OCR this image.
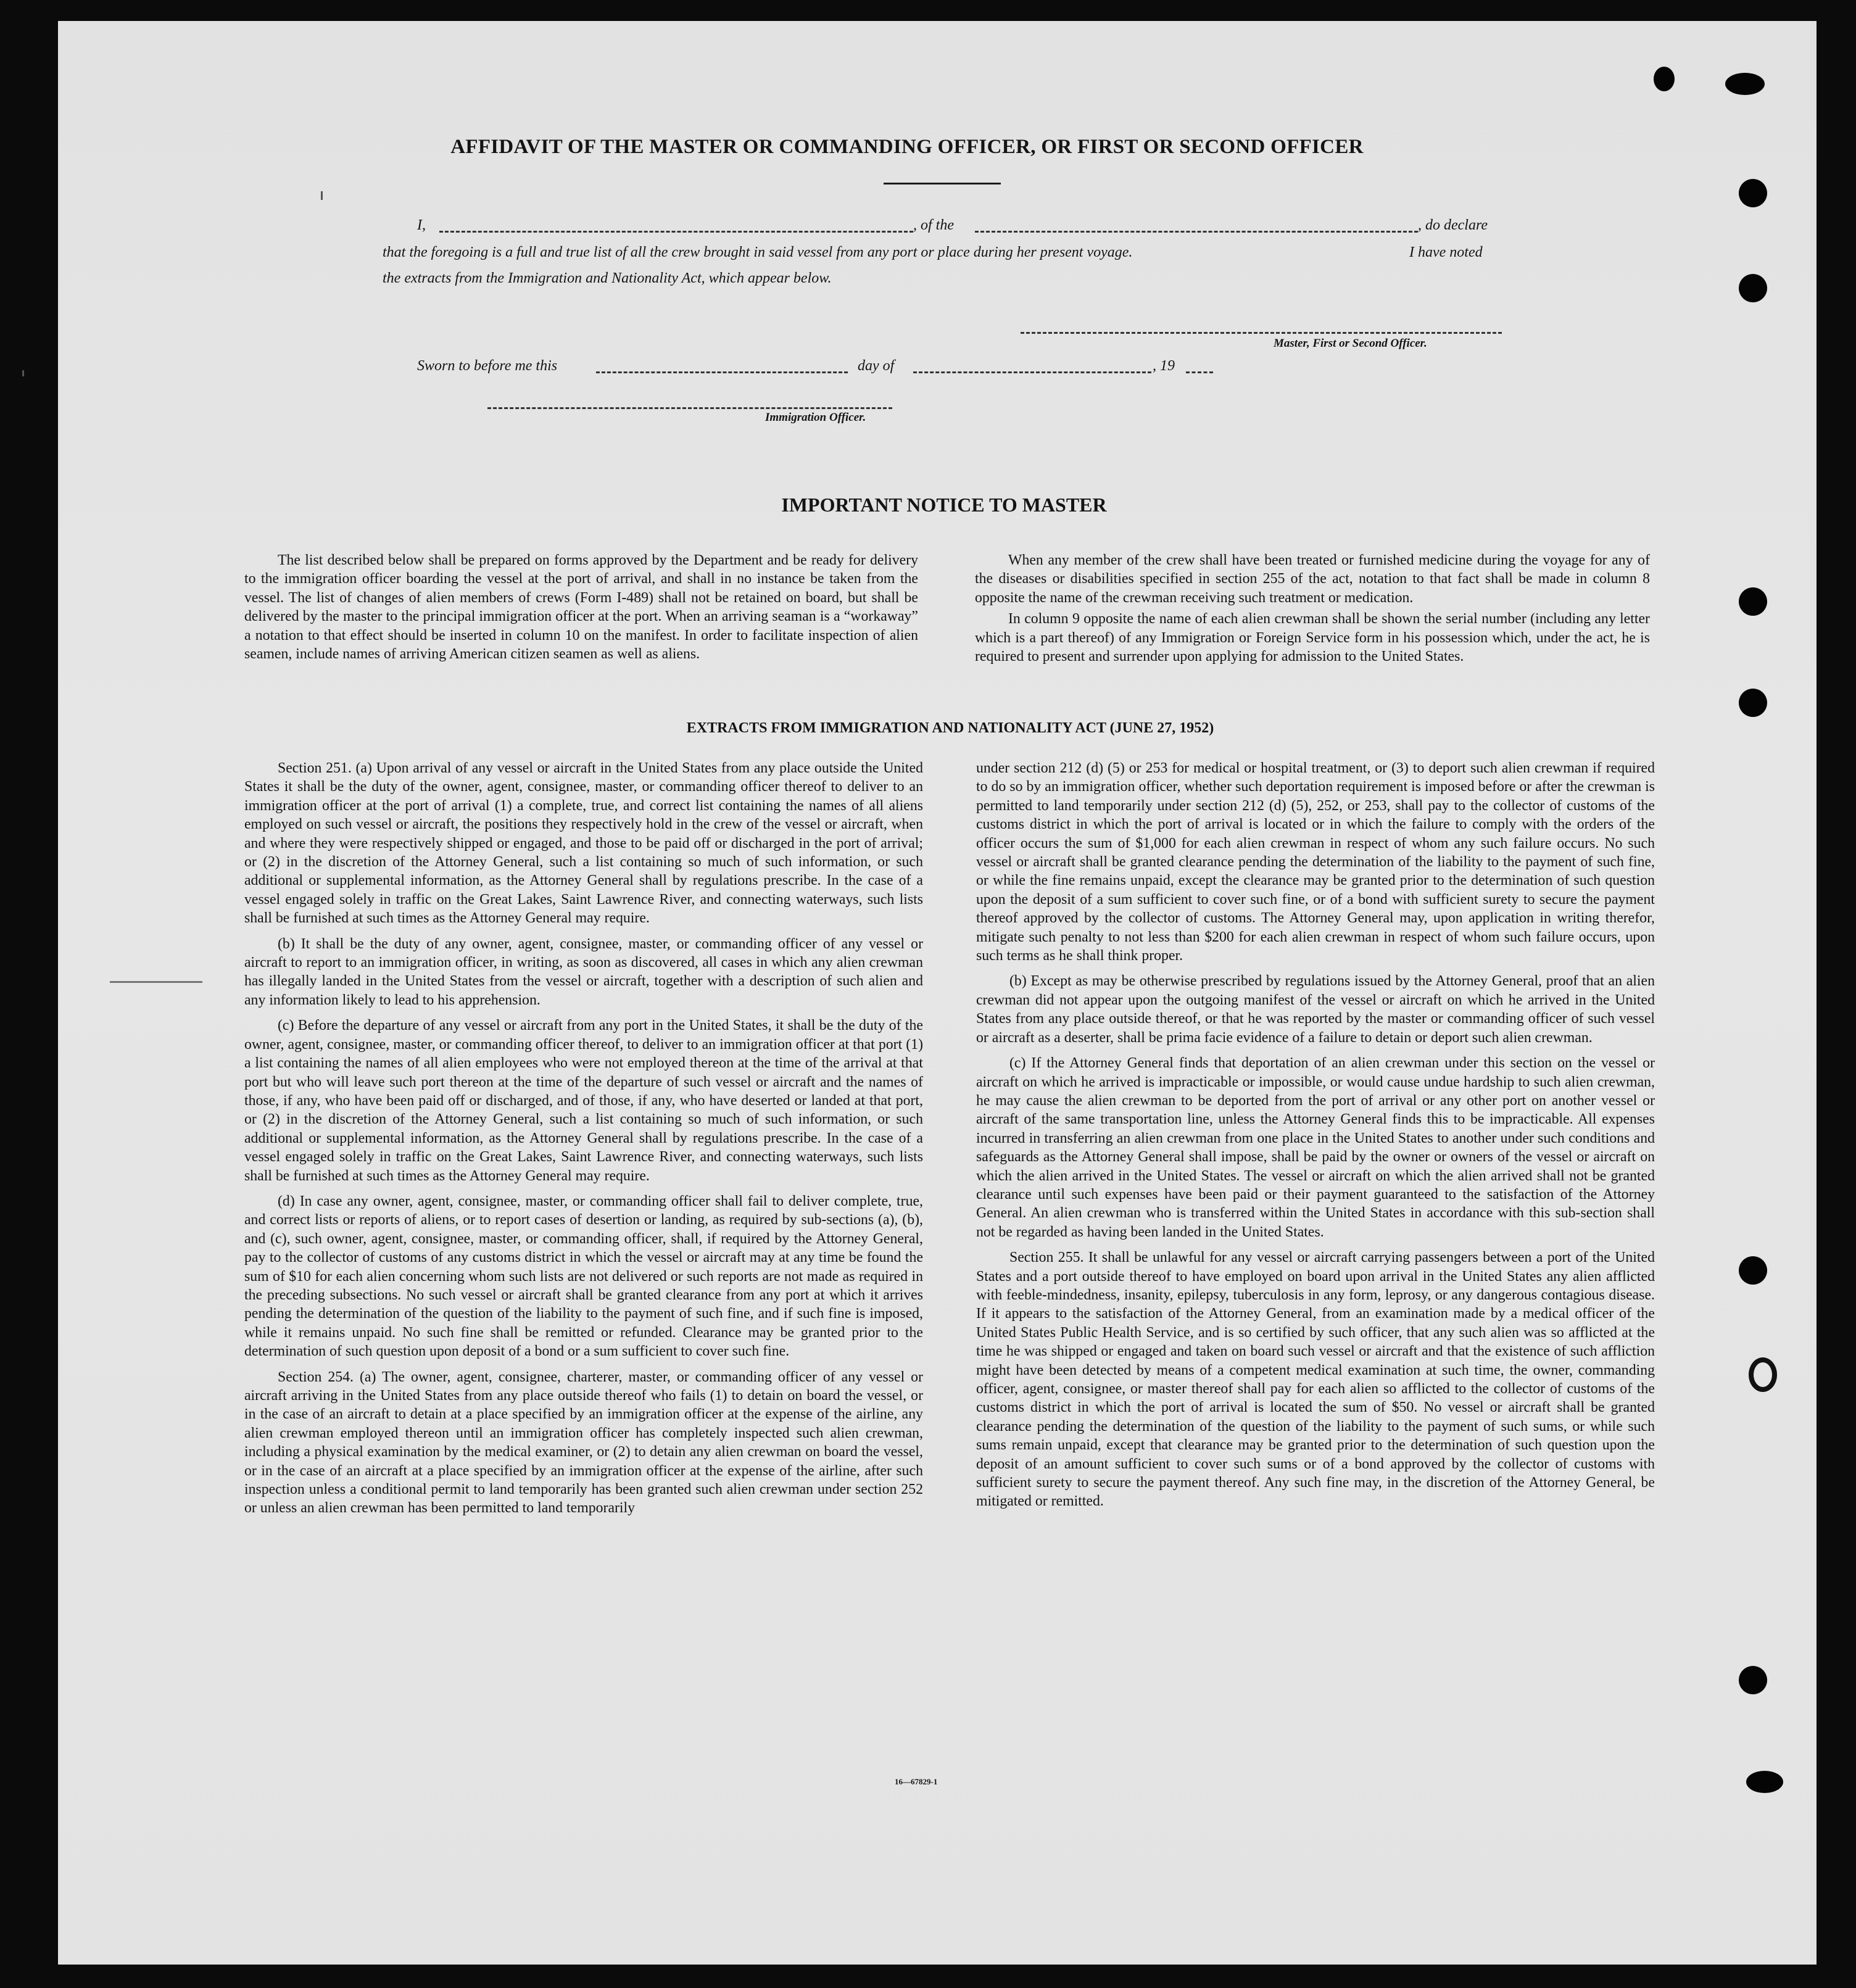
AFFIDAVIT OF THE MASTER OR COMMANDING OFFICER, OR FIRST OR SECOND OFFICER
I,	, of the	, do declare
that the foregoing is a full and true list of all the crew brought in said vessel from any port or place during her present voyage.	I have noted
the extracts from the Immigration and Nationality Act, which appear below.
Master, First or Second Officer.
Sworn to before me this	day of	, 19
Immigration Officer.
IMPORTANT NOTICE TO MASTER

The list described below shall be prepared on forms approved by the Department and be ready for delivery to the immigration officer boarding the vessel at the port of arrival, and shall in no instance be taken from the vessel. The list of changes of alien members of crews (Form I-489) shall not be retained on board, but shall be delivered by the master to the principal immigration officer at the port. When an arriving seaman is a “workaway” a notation to that effect should be inserted in column 10 on the manifest. In order to facilitate inspection of alien seamen, include names of arriving American citizen seamen as well as aliens.

When any member of the crew shall have been treated or furnished medicine during the voyage for any of the diseases or disabilities specified in section 255 of the act, notation to that fact shall be made in column 8 opposite the name of the crewman receiving such treatment or medication.

In column 9 opposite the name of each alien crewman shall be shown the serial number (including any letter which is a part thereof) of any Immigration or Foreign Service form in his possession which, under the act, he is required to present and surrender upon applying for admission to the United States.

EXTRACTS FROM IMMIGRATION AND NATIONALITY ACT (JUNE 27, 1952)

Section 251. (a) Upon arrival of any vessel or aircraft in the United States from any place outside the United States it shall be the duty of the owner, agent, consignee, master, or commanding officer thereof to deliver to an immigration officer at the port of arrival (1) a complete, true, and correct list containing the names of all aliens employed on such vessel or aircraft, the positions they respectively hold in the crew of the vessel or aircraft, when and where they were respectively shipped or engaged, and those to be paid off or discharged in the port of arrival; or (2) in the discretion of the Attorney General, such a list containing so much of such information, or such additional or supplemental information, as the Attorney General shall by regulations prescribe. In the case of a vessel engaged solely in traffic on the Great Lakes, Saint Lawrence River, and connecting waterways, such lists shall be furnished at such times as the Attorney General may require.

(b) It shall be the duty of any owner, agent, consignee, master, or commanding officer of any vessel or aircraft to report to an immigration officer, in writing, as soon as discovered, all cases in which any alien crewman has illegally landed in the United States from the vessel or aircraft, together with a description of such alien and any information likely to lead to his apprehension.

(c) Before the departure of any vessel or aircraft from any port in the United States, it shall be the duty of the owner, agent, consignee, master, or commanding officer thereof, to deliver to an immigration officer at that port (1) a list containing the names of all alien employees who were not employed thereon at the time of the arrival at that port but who will leave such port thereon at the time of the departure of such vessel or aircraft and the names of those, if any, who have been paid off or discharged, and of those, if any, who have deserted or landed at that port, or (2) in the discretion of the Attorney General, such a list containing so much of such information, or such additional or supplemental information, as the Attorney General shall by regulations prescribe. In the case of a vessel engaged solely in traffic on the Great Lakes, Saint Lawrence River, and connecting waterways, such lists shall be furnished at such times as the Attorney General may require.

(d) In case any owner, agent, consignee, master, or commanding officer shall fail to deliver complete, true, and correct lists or reports of aliens, or to report cases of desertion or landing, as required by sub-sections (a), (b), and (c), such owner, agent, consignee, master, or commanding officer, shall, if required by the Attorney General, pay to the collector of customs of any customs district in which the vessel or aircraft may at any time be found the sum of $10 for each alien concerning whom such lists are not delivered or such reports are not made as required in the preceding subsections. No such vessel or aircraft shall be granted clearance from any port at which it arrives pending the determination of the question of the liability to the payment of such fine, and if such fine is imposed, while it remains unpaid. No such fine shall be remitted or refunded. Clearance may be granted prior to the determination of such question upon deposit of a bond or a sum sufficient to cover such fine.

Section 254. (a) The owner, agent, consignee, charterer, master, or commanding officer of any vessel or aircraft arriving in the United States from any place outside thereof who fails (1) to detain on board the vessel, or in the case of an aircraft to detain at a place specified by an immigration officer at the expense of the airline, any alien crewman employed thereon until an immigration officer has completely inspected such alien crewman, including a physical examination by the medical examiner, or (2) to detain any alien crewman on board the vessel, or in the case of an aircraft at a place specified by an immigration officer at the expense of the airline, after such inspection unless a conditional permit to land temporarily has been granted such alien crewman under section 252 or unless an alien crewman has been permitted to land temporarily

under section 212 (d) (5) or 253 for medical or hospital treatment, or (3) to deport such alien crewman if required to do so by an immigration officer, whether such deportation requirement is imposed before or after the crewman is permitted to land temporarily under section 212 (d) (5), 252, or 253, shall pay to the collector of customs of the customs district in which the port of arrival is located or in which the failure to comply with the orders of the officer occurs the sum of $1,000 for each alien crewman in respect of whom any such failure occurs. No such vessel or aircraft shall be granted clearance pending the determination of the liability to the payment of such fine, or while the fine remains unpaid, except the clearance may be granted prior to the determination of such question upon the deposit of a sum sufficient to cover such fine, or of a bond with sufficient surety to secure the payment thereof approved by the collector of customs. The Attorney General may, upon application in writing therefor, mitigate such penalty to not less than $200 for each alien crewman in respect of whom such failure occurs, upon such terms as he shall think proper.

(b) Except as may be otherwise prescribed by regulations issued by the Attorney General, proof that an alien crewman did not appear upon the outgoing manifest of the vessel or aircraft on which he arrived in the United States from any place outside thereof, or that he was reported by the master or commanding officer of such vessel or aircraft as a deserter, shall be prima facie evidence of a failure to detain or deport such alien crewman.

(c) If the Attorney General finds that deportation of an alien crewman under this section on the vessel or aircraft on which he arrived is impracticable or impossible, or would cause undue hardship to such alien crewman, he may cause the alien crewman to be deported from the port of arrival or any other port on another vessel or aircraft of the same transportation line, unless the Attorney General finds this to be impracticable. All expenses incurred in transferring an alien crewman from one place in the United States to another under such conditions and safeguards as the Attorney General shall impose, shall be paid by the owner or owners of the vessel or aircraft on which the alien arrived in the United States. The vessel or aircraft on which the alien arrived shall not be granted clearance until such expenses have been paid or their payment guaranteed to the satisfaction of the Attorney General. An alien crewman who is transferred within the United States in accordance with this sub-section shall not be regarded as having been landed in the United States.

Section 255. It shall be unlawful for any vessel or aircraft carrying passengers between a port of the United States and a port outside thereof to have employed on board upon arrival in the United States any alien afflicted with feeble-mindedness, insanity, epilepsy, tuberculosis in any form, leprosy, or any dangerous contagious disease. If it appears to the satisfaction of the Attorney General, from an examination made by a medical officer of the United States Public Health Service, and is so certified by such officer, that any such alien was so afflicted at the time he was shipped or engaged and taken on board such vessel or aircraft and that the existence of such affliction might have been detected by means of a competent medical examination at such time, the owner, commanding officer, agent, consignee, or master thereof shall pay for each alien so afflicted to the collector of customs of the customs district in which the port of arrival is located the sum of $50. No vessel or aircraft shall be granted clearance pending the determination of the question of the liability to the payment of such sums, or while such sums remain unpaid, except that clearance may be granted prior to the determination of such question upon the deposit of an amount sufficient to cover such sums or of a bond approved by the collector of customs with sufficient surety to secure the payment thereof. Any such fine may, in the discretion of the Attorney General, be mitigated or remitted.

16—67829-1
